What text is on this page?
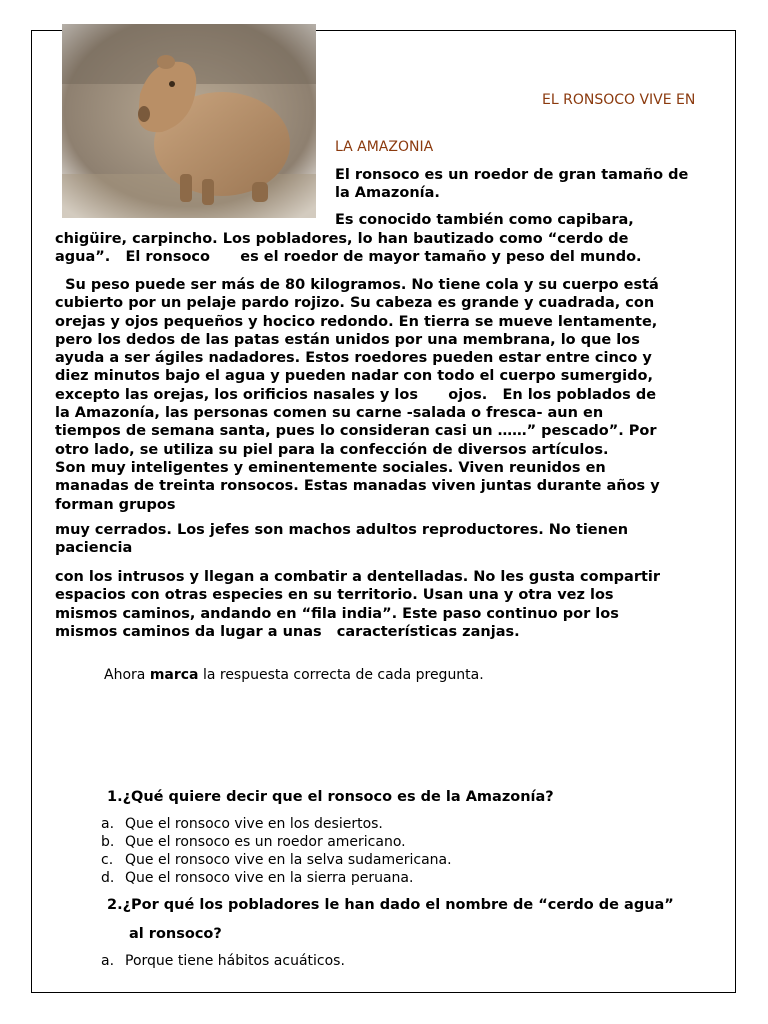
EL RONSOCO VIVE EN
LA AMAZONIA
El ronsoco es un roedor de gran tamaño de
la Amazonía.
Es conocido también como capibara,
chigüire, carpincho. Los pobladores, lo han bautizado como “cerdo de
agua”.   El ronsoco      es el roedor de mayor tamaño y peso del mundo.
Su peso puede ser más de 80 kilogramos. No tiene cola y su cuerpo está
cubierto por un pelaje pardo rojizo. Su cabeza es grande y cuadrada, con
orejas y ojos pequeños y hocico redondo. En tierra se mueve lentamente,
pero los dedos de las patas están unidos por una membrana, lo que los
ayuda a ser ágiles nadadores. Estos roedores pueden estar entre cinco y
diez minutos bajo el agua y pueden nadar con todo el cuerpo sumergido,
excepto las orejas, los orificios nasales y los      ojos.   En los poblados de
la Amazonía, las personas comen su carne -salada o fresca- aun en
tiempos de semana santa, pues lo consideran casi un ……” pescado”. Por
otro lado, se utiliza su piel para la confección de diversos artículos.
Son muy inteligentes y eminentemente sociales. Viven reunidos en
manadas de treinta ronsocos. Estas manadas viven juntas durante años y
forman grupos
muy cerrados. Los jefes son machos adultos reproductores. No tienen
paciencia
con los intrusos y llegan a combatir a dentelladas. No les gusta compartir
espacios con otras especies en su territorio. Usan una y otra vez los
mismos caminos, andando en “fila india”. Este paso continuo por los
mismos caminos da lugar a unas   características zanjas.
Ahora marca la respuesta correcta de cada pregunta.
1.¿Qué quiere decir que el ronsoco es de la Amazonía?
a. Que el ronsoco vive en los desiertos.
b. Que el ronsoco es un roedor americano.
c. Que el ronsoco vive en la selva sudamericana.
d. Que el ronsoco vive en la sierra peruana.
2.¿Por qué los pobladores le han dado el nombre de “cerdo de agua”
al ronsoco?
a. Porque tiene hábitos acuáticos.
